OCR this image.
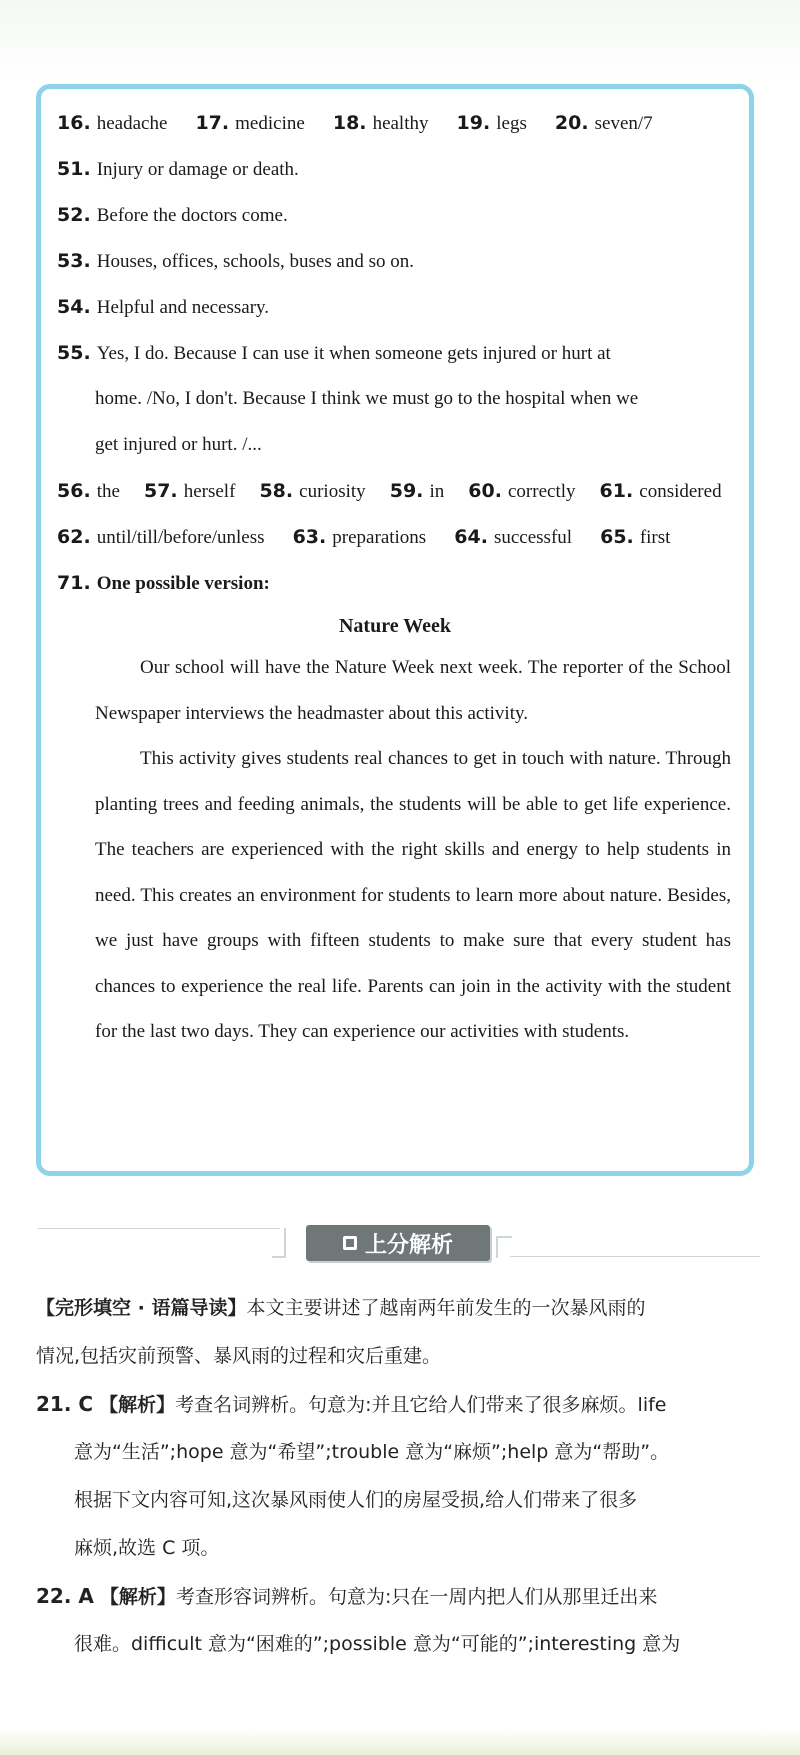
16. headache 17. medicine 18. healthy 19. legs 20. seven/7
51. Injury or damage or death.
52. Before the doctors come.
53. Houses, offices, schools, buses and so on.
54. Helpful and necessary.
55. Yes, I do. Because I can use it when someone gets injured or hurt at
home. /No, I don't. Because I think we must go to the hospital when we
get injured or hurt. /...
56. the 57. herself 58. curiosity 59. in 60. correctly 61. considered
62. until/till/before/unless 63. preparations 64. successful 65. first
71. One possible version:
Nature Week
Our school will have the Nature Week next week. The reporter of the School Newspaper interviews the headmaster about this activity.
This activity gives students real chances to get in touch with nature. Through planting trees and feeding animals, the students will be able to get life experience. The teachers are experienced with the right skills and energy to help students in need. This creates an environment for students to learn more about nature. Besides, we just have groups with fifteen students to make sure that every student has chances to experience the real life. Parents can join in the activity with the student for the last two days. They can experience our activities with students.
上分解析
【完形填空 · 语篇导读】本文主要讲述了越南两年前发生的一次暴风雨的
情况,包括灾前预警、暴风雨的过程和灾后重建。
21. C 【解析】考查名词辨析。句意为:并且它给人们带来了很多麻烦。life
意为“生活”;hope 意为“希望”;trouble 意为“麻烦”;help 意为“帮助”。
根据下文内容可知,这次暴风雨使人们的房屋受损,给人们带来了很多
麻烦,故选 C 项。
22. A 【解析】考查形容词辨析。句意为:只在一周内把人们从那里迁出来
很难。difficult 意为“困难的”;possible 意为“可能的”;interesting 意为
